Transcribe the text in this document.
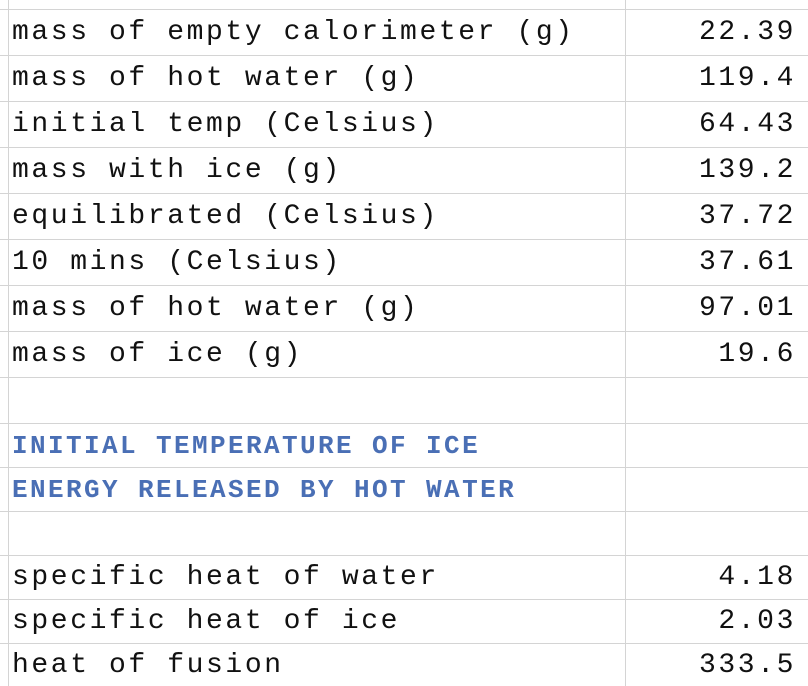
mass of empty calorimeter (g)	22.39
mass of hot water (g)	119.4
initial temp (Celsius)	64.43
mass with ice (g)	139.2
equilibrated (Celsius)	37.72
10 mins (Celsius)	37.61
mass of hot water (g)	97.01
mass of ice (g)	19.6
INITIAL TEMPERATURE OF ICE
ENERGY RELEASED BY HOT WATER
specific heat of water	4.18
specific heat of ice	2.03
heat of fusion	333.5
